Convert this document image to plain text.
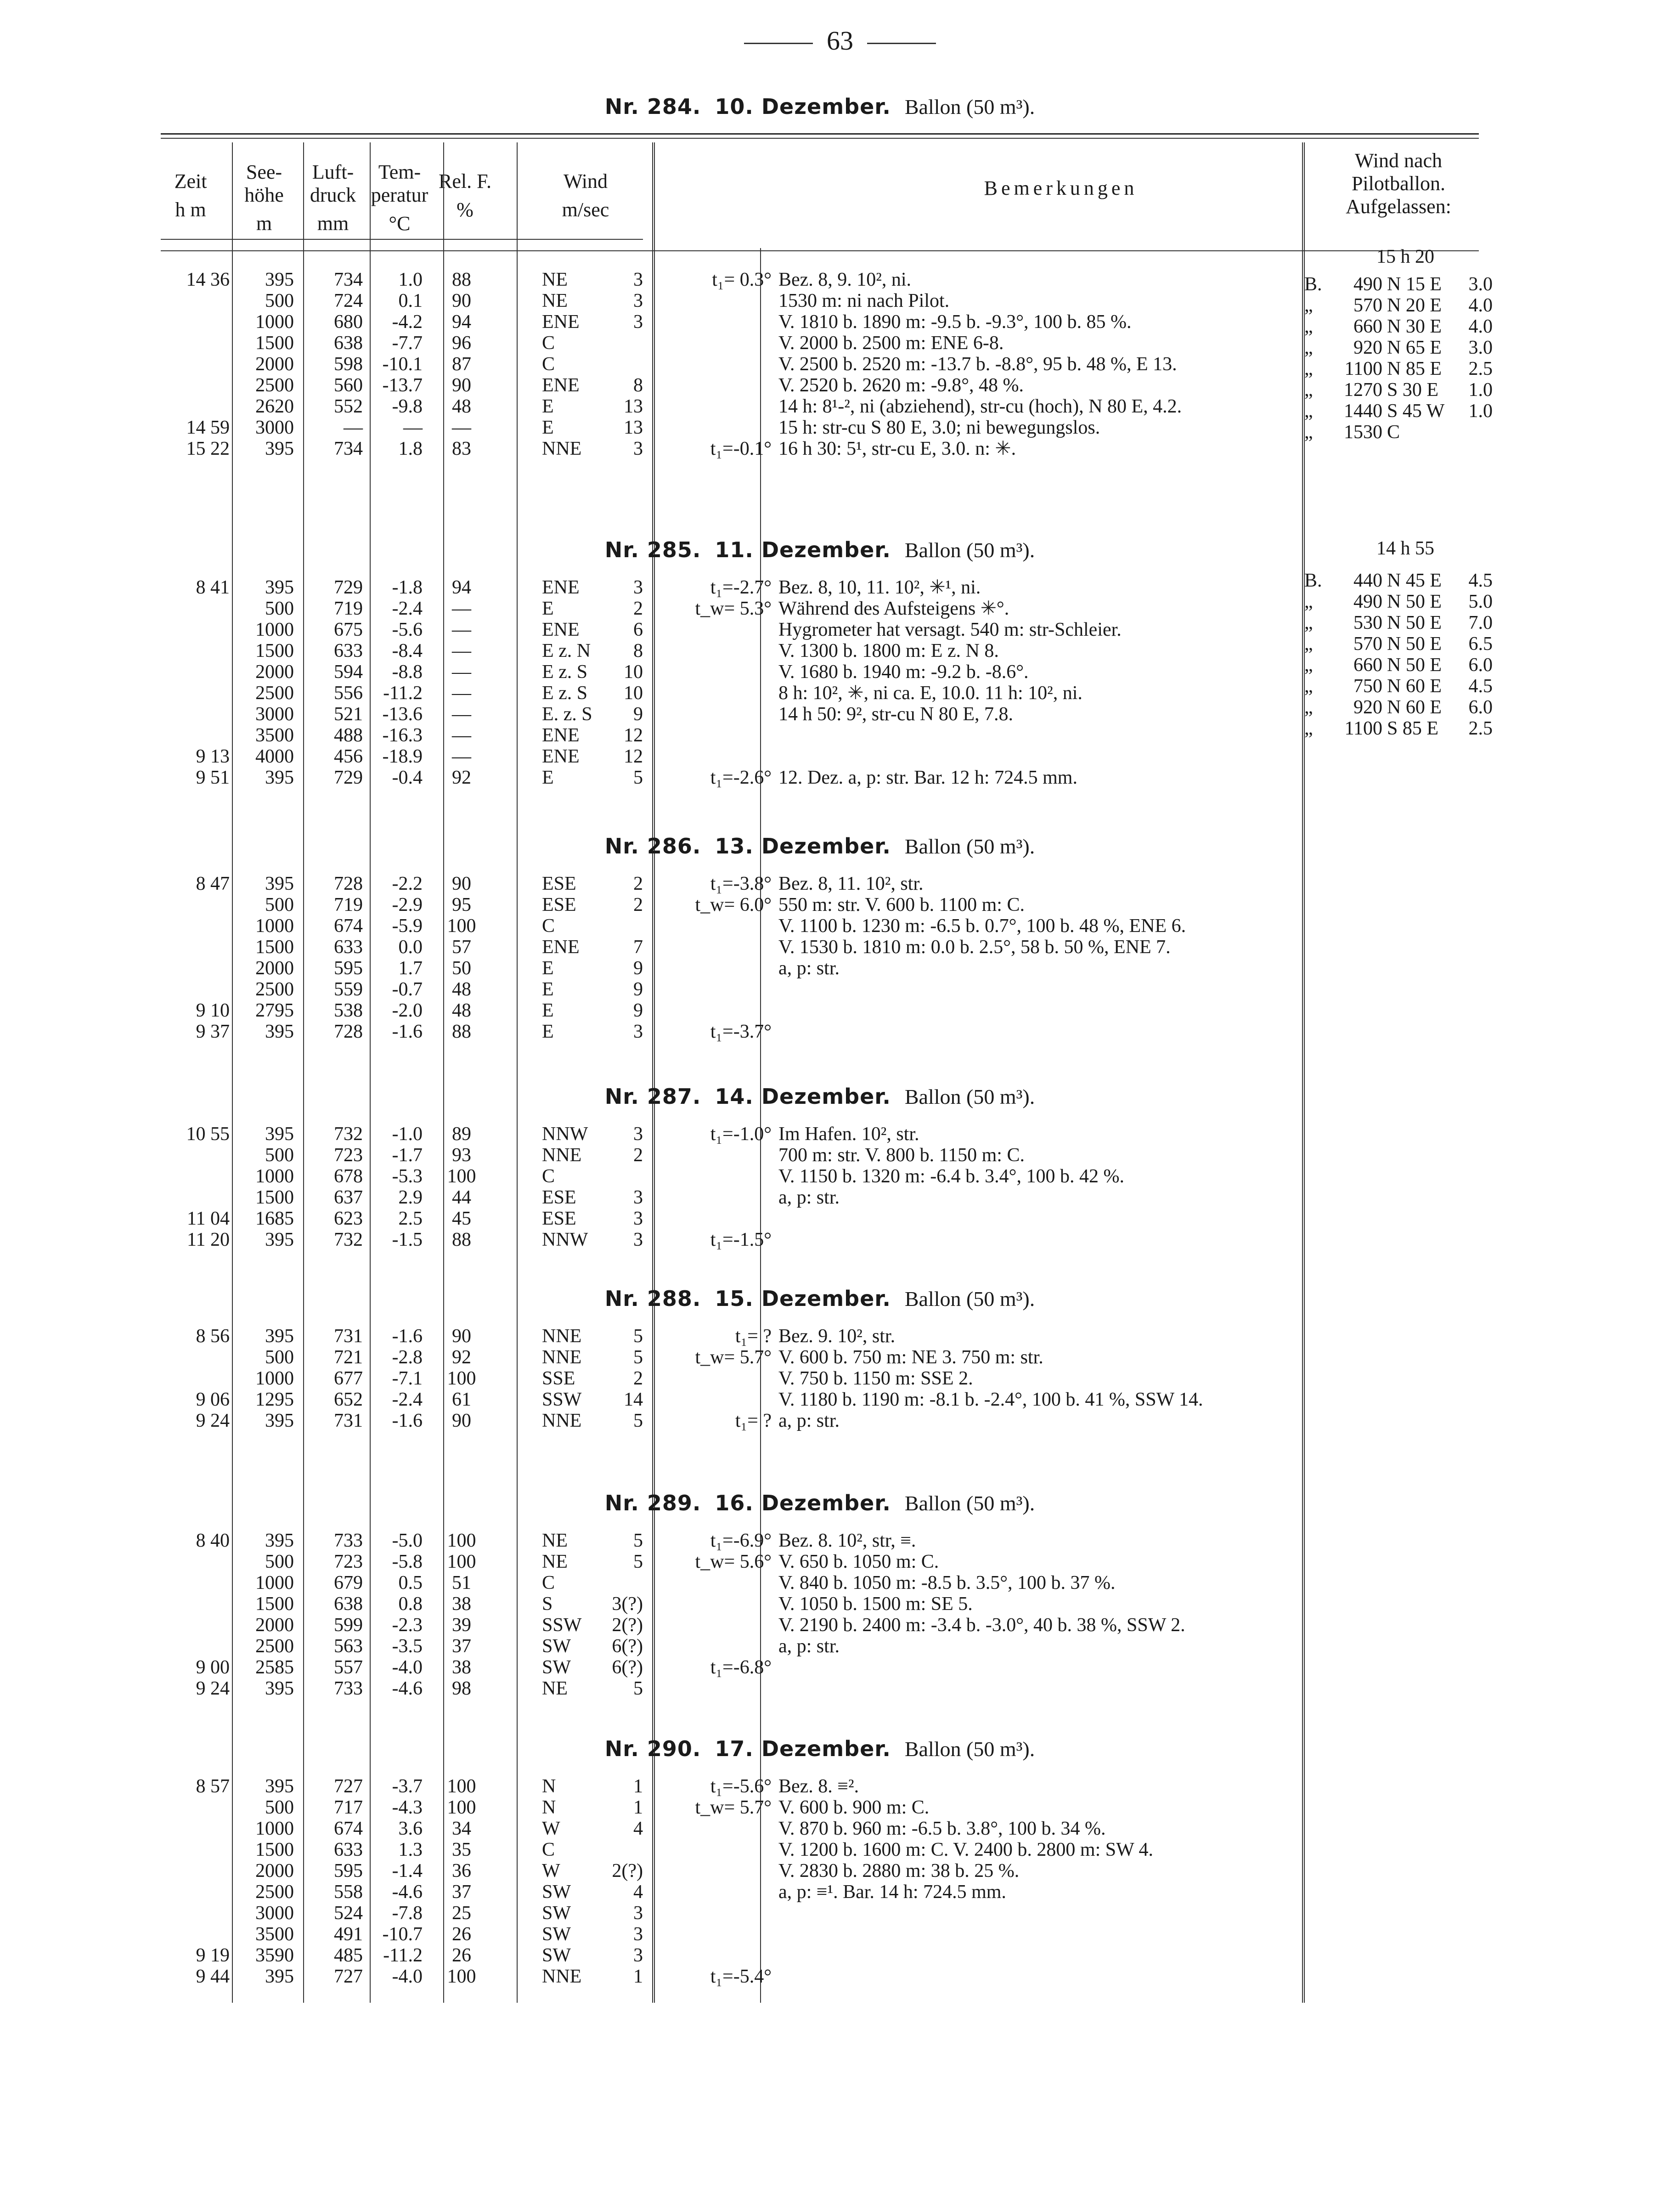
63
Zeit
h m
See-höhe
m
Luft-druck
mm
Tem-peratur
°C
Rel. F.
%
Wind
m/sec
Bemerkungen
Wind nach Pilotballon. Aufgelassen:
Nr. 284. 10. Dezember. Ballon (50 m³).
14 36	395	734	1.0	88	NE	3	t₁= 0.3° Bez. 8, 9. 10², ni.
500	724	0.1	90	NE	3	1530 m: ni nach Pilot.
1000	680	-4.2	94	ENE	3	V. 1810 b. 1890 m: -9.5 b. -9.3°, 100 b. 85 %.
1500	638	-7.7	96	C	V. 2000 b. 2500 m: ENE 6-8.
2000	598	-10.1	87	C	V. 2500 b. 2520 m: -13.7 b. -8.8°, 95 b. 48 %, E 13.
2500	560	-13.7	90	ENE	8	V. 2520 b. 2620 m: -9.8°, 48 %.
2620	552	-9.8	48	E	13	14 h: 8¹-², ni (abziehend), str-cu (hoch), N 80 E, 4.2.
14 59	3000	—	—	—	E	13	15 h: str-cu S 80 E, 3.0; ni bewegungslos.
15 22	395	734	1.8	83	NNE	3	t₁=-0.1° 16 h 30: 5¹, str-cu E, 3.0. n: ✳.
15 h 20
B.	490 N 15 E	3.0
„	570 N 20 E	4.0
„	660 N 30 E	4.0
„	920 N 65 E	3.0
„	1100 N 85 E	2.5
„	1270 S 30 E	1.0
„	1440 S 45 W	1.0
„	1530 C
Nr. 285. 11. Dezember. Ballon (50 m³).
8 41	395	729	-1.8	94	ENE	3	t₁=-2.7° Bez. 8, 10, 11. 10², ✳¹, ni.
500	719	-2.4	—	E	2	t_w= 5.3° Während des Aufsteigens ✳°.
1000	675	-5.6	—	ENE	6	Hygrometer hat versagt. 540 m: str-Schleier.
1500	633	-8.4	—	E z. N	8	V. 1300 b. 1800 m: E z. N 8.
2000	594	-8.8	—	E z. S	10	V. 1680 b. 1940 m: -9.2 b. -8.6°.
2500	556	-11.2	—	E z. S	10	8 h: 10², ✳, ni ca. E, 10.0. 11 h: 10², ni.
3000	521	-13.6	—	E. z. S	9	14 h 50: 9², str-cu N 80 E, 7.8.
3500	488	-16.3	—	ENE	12
9 13	4000	456	-18.9	—	ENE	12
9 51	395	729	-0.4	92	E	5	t₁=-2.6° 12. Dez. a, p: str. Bar. 12 h: 724.5 mm.
14 h 55
B.	440 N 45 E	4.5
„	490 N 50 E	5.0
„	530 N 50 E	7.0
„	570 N 50 E	6.5
„	660 N 50 E	6.0
„	750 N 60 E	4.5
„	920 N 60 E	6.0
„	1100 S 85 E	2.5
Nr. 286. 13. Dezember. Ballon (50 m³).
8 47	395	728	-2.2	90	ESE	2	t₁=-3.8° Bez. 8, 11. 10², str.
500	719	-2.9	95	ESE	2	t_w= 6.0° 550 m: str. V. 600 b. 1100 m: C.
1000	674	-5.9	100	C	V. 1100 b. 1230 m: -6.5 b. 0.7°, 100 b. 48 %, ENE 6.
1500	633	0.0	57	ENE	7	V. 1530 b. 1810 m: 0.0 b. 2.5°, 58 b. 50 %, ENE 7.
2000	595	1.7	50	E	9	a, p: str.
2500	559	-0.7	48	E	9
9 10	2795	538	-2.0	48	E	9
9 37	395	728	-1.6	88	E	3	t₁=-3.7°
Nr. 287. 14. Dezember. Ballon (50 m³).
10 55	395	732	-1.0	89	NNW	3	t₁=-1.0° Im Hafen. 10², str.
500	723	-1.7	93	NNE	2	700 m: str. V. 800 b. 1150 m: C.
1000	678	-5.3	100	C	V. 1150 b. 1320 m: -6.4 b. 3.4°, 100 b. 42 %.
1500	637	2.9	44	ESE	3	a, p: str.
11 04	1685	623	2.5	45	ESE	3
11 20	395	732	-1.5	88	NNW	3	t₁=-1.5°
Nr. 288. 15. Dezember. Ballon (50 m³).
8 56	395	731	-1.6	90	NNE	5	t₁= ? Bez. 9. 10², str.
500	721	-2.8	92	NNE	5	t_w= 5.7° V. 600 b. 750 m: NE 3. 750 m: str.
1000	677	-7.1	100	SSE	2	V. 750 b. 1150 m: SSE 2.
9 06	1295	652	-2.4	61	SSW	14	V. 1180 b. 1190 m: -8.1 b. -2.4°, 100 b. 41 %, SSW 14.
9 24	395	731	-1.6	90	NNE	5	t₁= ? a, p: str.
Nr. 289. 16. Dezember. Ballon (50 m³).
8 40	395	733	-5.0	100	NE	5	t₁=-6.9° Bez. 8. 10², str, ≡.
500	723	-5.8	100	NE	5	t_w= 5.6° V. 650 b. 1050 m: C.
1000	679	0.5	51	C	V. 840 b. 1050 m: -8.5 b. 3.5°, 100 b. 37 %.
1500	638	0.8	38	S	3(?)	V. 1050 b. 1500 m: SE 5.
2000	599	-2.3	39	SSW	2(?)	V. 2190 b. 2400 m: -3.4 b. -3.0°, 40 b. 38 %, SSW 2.
2500	563	-3.5	37	SW	6(?)	a, p: str.
9 00	2585	557	-4.0	38	SW	6(?)	t₁=-6.8°
9 24	395	733	-4.6	98	NE	5
Nr. 290. 17. Dezember. Ballon (50 m³).
8 57	395	727	-3.7	100	N	1	t₁=-5.6° Bez. 8. ≡².
500	717	-4.3	100	N	1	t_w= 5.7° V. 600 b. 900 m: C.
1000	674	3.6	34	W	4	V. 870 b. 960 m: -6.5 b. 3.8°, 100 b. 34 %.
1500	633	1.3	35	C	V. 1200 b. 1600 m: C. V. 2400 b. 2800 m: SW 4.
2000	595	-1.4	36	W	2(?)	V. 2830 b. 2880 m: 38 b. 25 %.
2500	558	-4.6	37	SW	4	a, p: ≡¹. Bar. 14 h: 724.5 mm.
3000	524	-7.8	25	SW	3
3500	491	-10.7	26	SW	3
9 19	3590	485	-11.2	26	SW	3
9 44	395	727	-4.0	100	NNE	1	t₁=-5.4°
